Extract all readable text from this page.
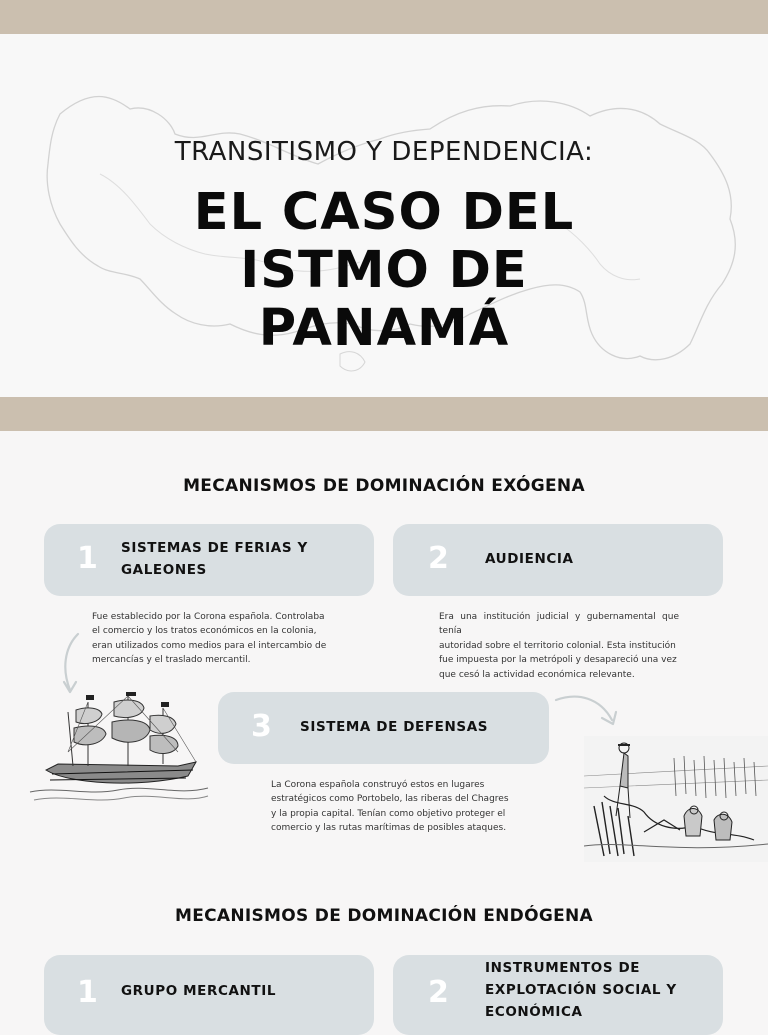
TRANSITISMO Y DEPENDENCIA:
EL CASO DEL
ISTMO DE
PANAMÁ
MECANISMOS DE DOMINACIÓN EXÓGENA
1 SISTEMAS DE FERIAS Y
GALEONES	2	AUDIENCIA
Fue establecido por la Corona española. Controlaba
el comercio y los tratos económicos en la colonia,
eran utilizados como medios para el intercambio de
mercancías y el traslado mercantil.
Era una institución judicial y gubernamental que tenía
autoridad sobre el territorio colonial. Esta institución
fue impuesta por la metrópoli y desapareció una vez
que cesó la actividad económica relevante.
3 SISTEMA DE DEFENSAS
La Corona española construyó estos en lugares
estratégicos como Portobelo, las riberas del Chagres
y la propia capital. Tenían como objetivo proteger el
comercio y las rutas marítimas de posibles ataques.
MECANISMOS DE DOMINACIÓN ENDÓGENA
1 GRUPO MERCANTIL	2
INSTRUMENTOS DE
EXPLOTACIÓN SOCIAL Y
ECONÓMICA
